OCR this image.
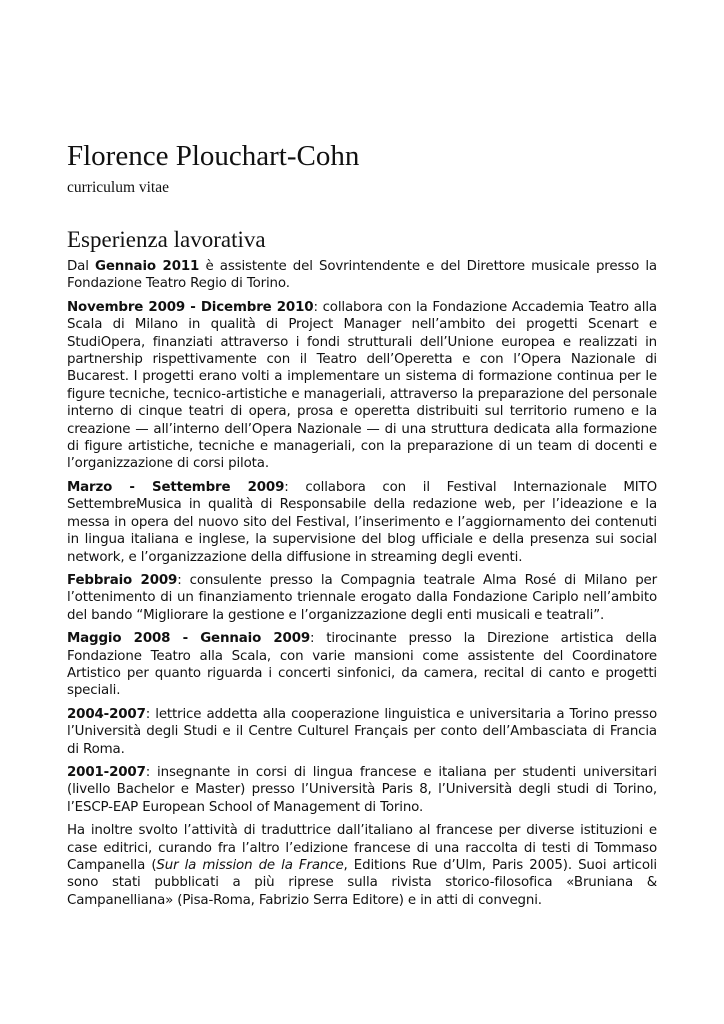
Florence Plouchart-Cohn
curriculum vitae
Esperienza lavorativa

Dal Gennaio 2011 è assistente del Sovrintendente e del Direttore musicale presso la Fondazione Teatro Regio di Torino.

Novembre 2009 - Dicembre 2010: collabora con la Fondazione Accademia Teatro alla Scala di Milano in qualità di Project Manager nell’ambito dei progetti Scenart e StudiOpera, finanziati attraverso i fondi strutturali dell’Unione europea e realizzati in partnership rispettivamente con il Teatro dell’Operetta e con l’Opera Nazionale di Bucarest. I progetti erano volti a implementare un sistema di formazione continua per le figure tecniche, tecnico-artistiche e manageriali, attraverso la preparazione del personale interno di cinque teatri di opera, prosa e operetta distribuiti sul territorio rumeno e la creazione — all’interno dell’Opera Nazionale — di una struttura dedicata alla formazione di figure artistiche, tecniche e manageriali, con la preparazione di un team di docenti e l’organizzazione di corsi pilota.

Marzo - Settembre 2009: collabora con il Festival Internazionale MITO SettembreMusica in qualità di Responsabile della redazione web, per l’ideazione e la messa in opera del nuovo sito del Festival, l’inserimento e l’aggiornamento dei contenuti in lingua italiana e inglese, la supervisione del blog ufficiale e della presenza sui social network, e l’organizzazione della diffusione in streaming degli eventi.

Febbraio 2009: consulente presso la Compagnia teatrale Alma Rosé di Milano per l’ottenimento di un finanziamento triennale erogato dalla Fondazione Cariplo nell’ambito del bando “Migliorare la gestione e l’organizzazione degli enti musicali e teatrali”.

Maggio 2008 - Gennaio 2009: tirocinante presso la Direzione artistica della Fondazione Teatro alla Scala, con varie mansioni come assistente del Coordinatore Artistico per quanto riguarda i concerti sinfonici, da camera, recital di canto e progetti speciali.

2004-2007: lettrice addetta alla cooperazione linguistica e universitaria a Torino presso l’Università degli Studi e il Centre Culturel Français per conto dell’Ambasciata di Francia di Roma.

2001-2007: insegnante in corsi di lingua francese e italiana per studenti universitari (livello Bachelor e Master) presso l’Università Paris 8, l’Università degli studi di Torino, l’ESCP-EAP European School of Management di Torino.

Ha inoltre svolto l’attività di traduttrice dall’italiano al francese per diverse istituzioni e case editrici, curando fra l’altro l’edizione francese di una raccolta di testi di Tommaso Campanella (Sur la mission de la France, Editions Rue d’Ulm, Paris 2005). Suoi articoli sono stati pubblicati a più riprese sulla rivista storico-filosofica «Bruniana & Campanelliana» (Pisa-Roma, Fabrizio Serra Editore) e in atti di convegni.
